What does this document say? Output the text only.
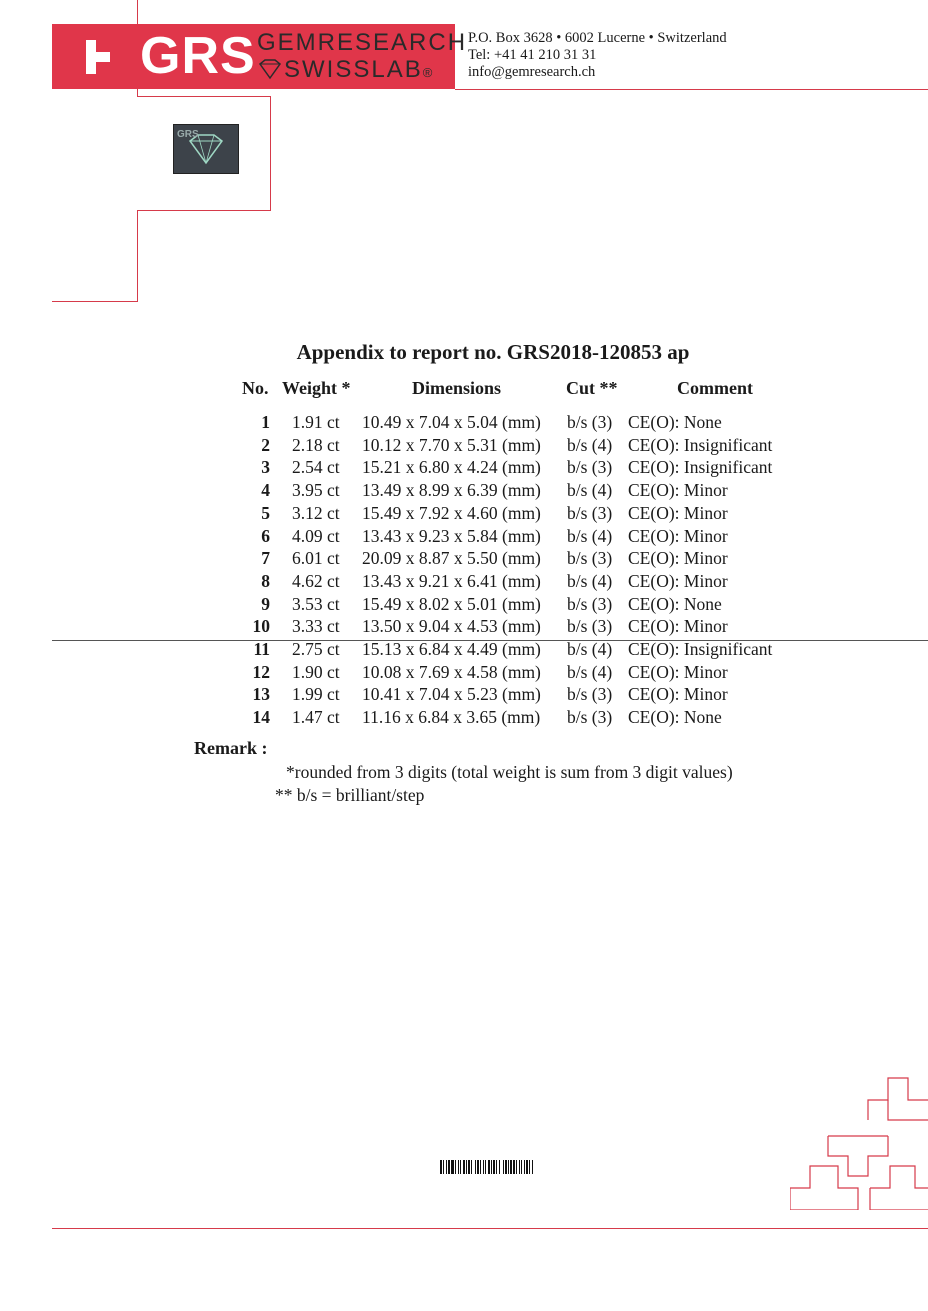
GRS GEMRESEARCH
SWISSLAB®
P.O. Box 3628 • 6002 Lucerne • Switzerland
Tel: +41 41 210 31 31
info@gemresearch.ch
GRS
Appendix to report no. GRS2018-120853 ap
No. Weight *	Dimensions	Cut **	Comment
1 1.91 ct 10.49 x 7.04 x 5.04 (mm) b/s (3) CE(O): None
2 2.18 ct 10.12 x 7.70 x 5.31 (mm) b/s (4) CE(O): Insignificant
3 2.54 ct 15.21 x 6.80 x 4.24 (mm) b/s (3) CE(O): Insignificant
4 3.95 ct 13.49 x 8.99 x 6.39 (mm) b/s (4) CE(O): Minor
5 3.12 ct 15.49 x 7.92 x 4.60 (mm) b/s (3) CE(O): Minor
6 4.09 ct 13.43 x 9.23 x 5.84 (mm) b/s (4) CE(O): Minor
7 6.01 ct 20.09 x 8.87 x 5.50 (mm) b/s (3) CE(O): Minor
8 4.62 ct 13.43 x 9.21 x 6.41 (mm) b/s (4) CE(O): Minor
9 3.53 ct 15.49 x 8.02 x 5.01 (mm) b/s (3) CE(O): None
10 3.33 ct 13.50 x 9.04 x 4.53 (mm) b/s (3) CE(O): Minor
11 2.75 ct 15.13 x 6.84 x 4.49 (mm) b/s (4) CE(O): Insignificant
12 1.90 ct 10.08 x 7.69 x 4.58 (mm) b/s (4) CE(O): Minor
13 1.99 ct 10.41 x 7.04 x 5.23 (mm) b/s (3) CE(O): Minor
14 1.47 ct 11.16 x 6.84 x 3.65 (mm) b/s (3) CE(O): None
Remark :
*rounded from 3 digits (total weight is sum from 3 digit values)
** b/s = brilliant/step
